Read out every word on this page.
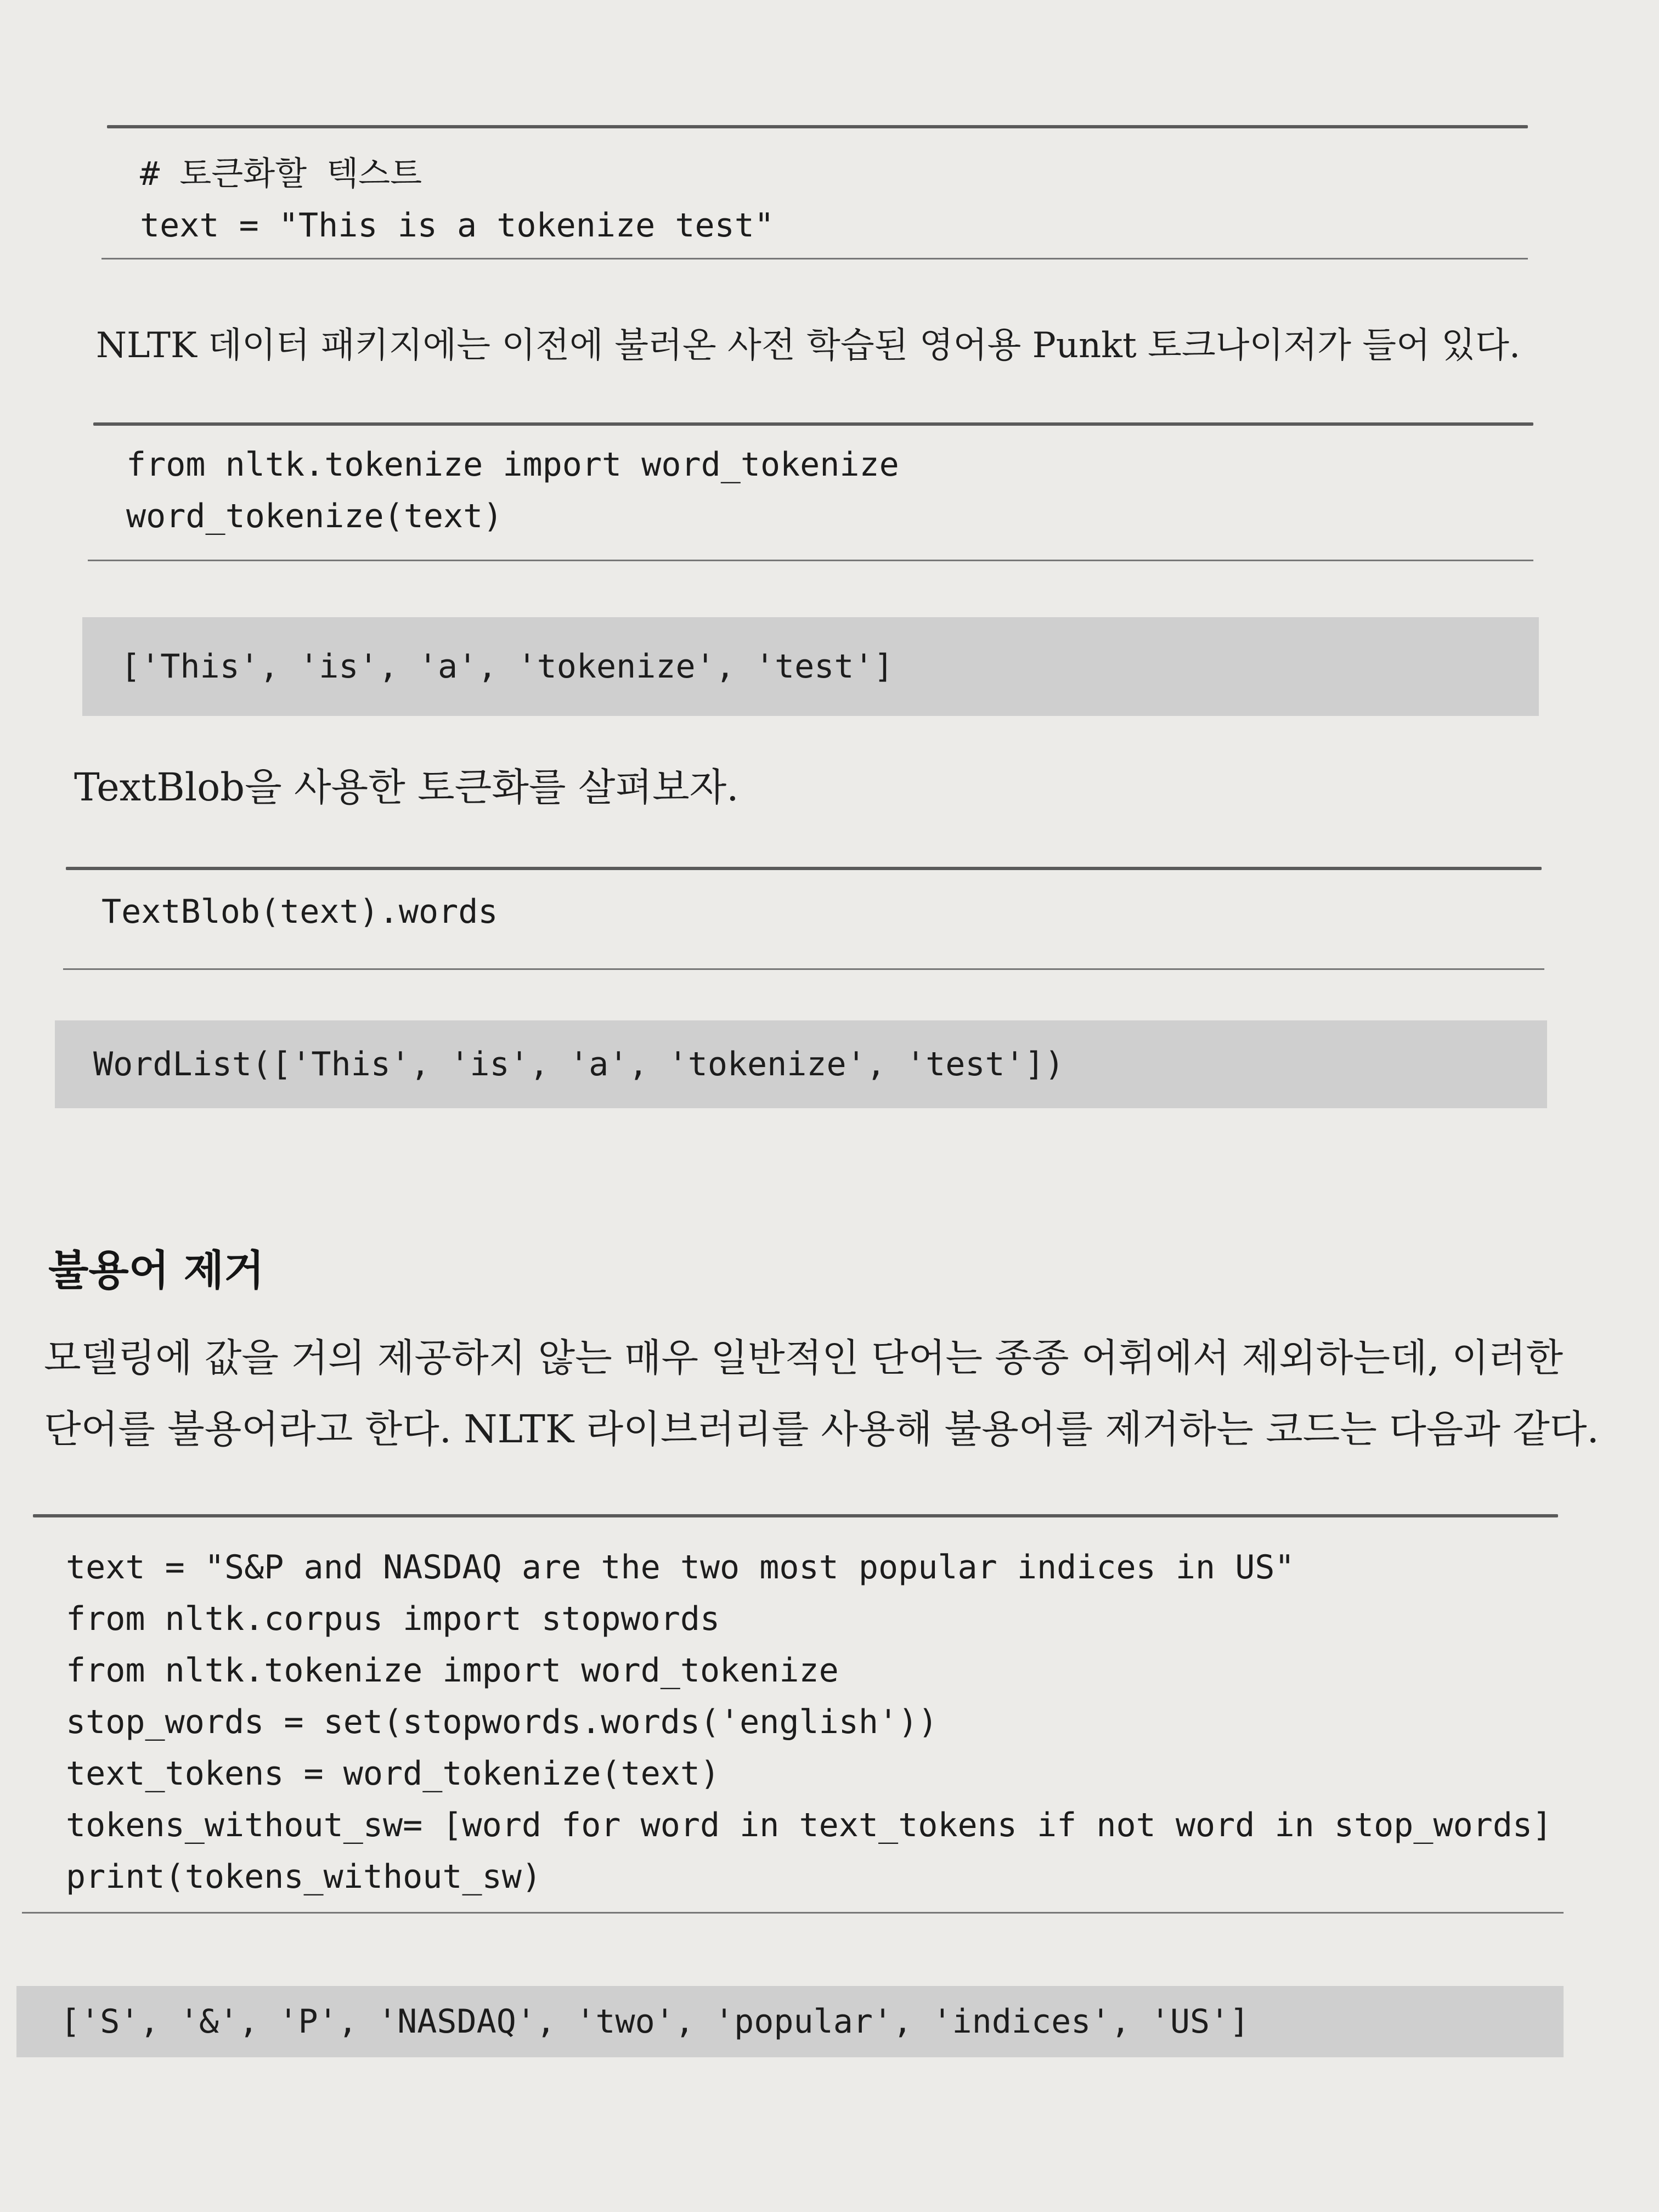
# 토큰화할 텍스트
text = "This is a tokenize test"

NLTK 데이터 패키지에는 이전에 불러온 사전 학습된 영어용 Punkt 토크나이저가 들어 있다.

from nltk.tokenize import word_tokenize
word_tokenize(text)
['This', 'is', 'a', 'tokenize', 'test']

TextBlob을 사용한 토큰화를 살펴보자.

TextBlob(text).words
WordList(['This', 'is', 'a', 'tokenize', 'test'])
불용어 제거
모델링에 값을 거의 제공하지 않는 매우 일반적인 단어는 종종 어휘에서 제외하는데, 이러한
단어를 불용어라고 한다. NLTK 라이브러리를 사용해 불용어를 제거하는 코드는 다음과 같다.
text = "S&P and NASDAQ are the two most popular indices in US"
from nltk.corpus import stopwords
from nltk.tokenize import word_tokenize
stop_words = set(stopwords.words('english'))
text_tokens = word_tokenize(text)
tokens_without_sw= [word for word in text_tokens if not word in stop_words]
print(tokens_without_sw)
['S', '&', 'P', 'NASDAQ', 'two', 'popular', 'indices', 'US']
